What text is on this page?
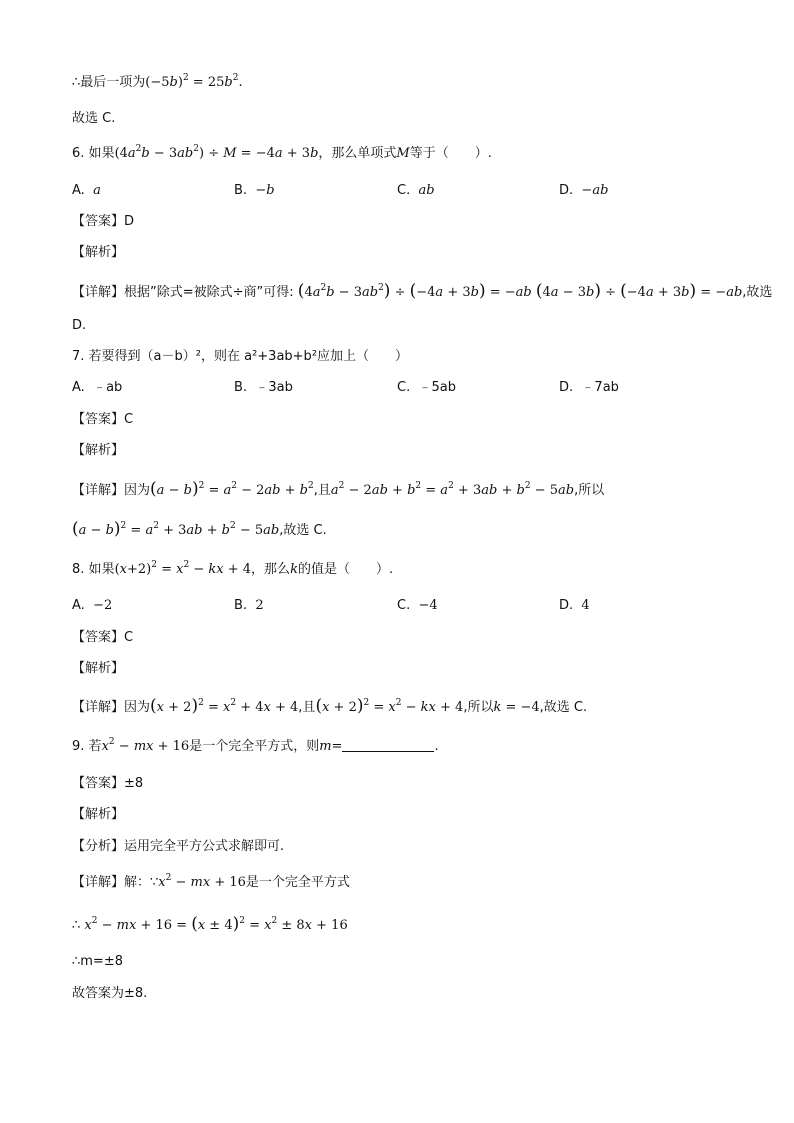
∴最后一项为$(-5b)^2 = 25b^2$.
故选 C.
6. 如果$(4a^2b - 3ab^2) \div M = -4a + 3b$，那么单项式M等于（　　）.
A. a	B. −b	C. ab	D. −ab
【答案】D
【解析】
【详解】根据”除式=被除式÷商”可得: $(4a^2b - 3ab^2) \div (-4a + 3b) = -ab$ (4a − 3b) ÷ (−4a + 3b) = −ab,故选
D.
7. 若要得到（a－b）²，则在 a²+3ab+b²应加上（　　）
A. ﹣ab	B. ﹣3ab	C. ﹣5ab	D. ﹣7ab
【答案】C
【解析】
【详解】因为$(a - b)^2 = a^2 - 2ab + b^2$,且$a^2 - 2ab + b^2 = a^2 + 3ab + b^2 - 5ab$,所以
$(a - b)^2 = a^2 + 3ab + b^2 - 5ab$,故选 C.
8. 如果$(x+2)^2 = x^2$ − kx + 4，那么k的值是（　　）.
A. −2	B. 2	C. −4	D. 4
【答案】C
【解析】
【详解】因为$(x + 2)^2 = x^2 + 4x + 4$,且$(x + 2)^2 = x^2$ − kx + 4,所以k = −4,故选 C.
9. 若$x^2$ − mx + 16是一个完全平方式，则m=	.
【答案】±8
【解析】
【分析】运用完全平方公式求解即可.
【详解】解：$\because x^2$ − mx + 16是一个完全平方式
∴ $x^2$ − mx + $16 = (x \pm 4)^2 = x^2 \pm 8x + 16$
∴m=±8
故答案为±8.
